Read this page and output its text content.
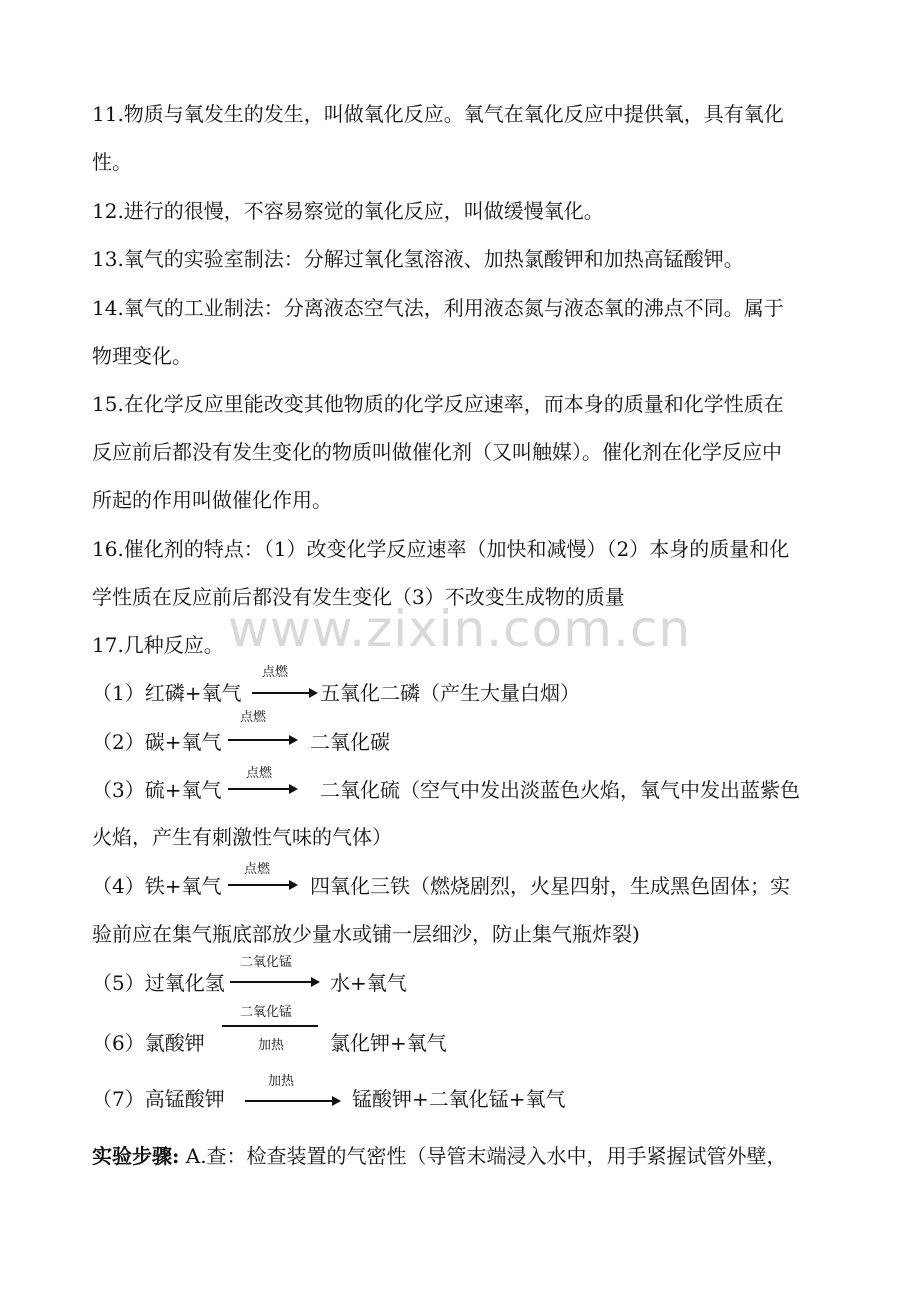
www.zixin.com.cn
11.物质与氧发生的发生，叫做氧化反应。氧气在氧化反应中提供氧，具有氧化
性。
12.进行的很慢，不容易察觉的氧化反应，叫做缓慢氧化。
13.氧气的实验室制法：分解过氧化氢溶液、加热氯酸钾和加热高锰酸钾。
14.氧气的工业制法：分离液态空气法，利用液态氮与液态氧的沸点不同。属于
物理变化。
15.在化学反应里能改变其他物质的化学反应速率，而本身的质量和化学性质在
反应前后都没有发生变化的物质叫做催化剂（又叫触媒）。催化剂在化学反应中
所起的作用叫做催化作用。
16.催化剂的特点：（1）改变化学反应速率（加快和减慢）（2）本身的质量和化
学性质在反应前后都没有发生变化（3）不改变生成物的质量
17.几种反应。
（1）红磷+氧气
点燃
五氧化二磷（产生大量白烟）
（2）碳+氧气
点燃
二氧化碳
（3）硫+氧气
点燃
二氧化硫（空气中发出淡蓝色火焰，氧气中发出蓝紫色
火焰，产生有刺激性气味的气体）
（4）铁+氧气
点燃
四氧化三铁（燃烧剧烈，火星四射，生成黑色固体；实
验前应在集气瓶底部放少量水或铺一层细沙，防止集气瓶炸裂)
（5）过氧化氢
二氧化锰
水+氧气
（6）氯酸钾
二氧化锰
加热 氯化钾+氧气
（7）高锰酸钾
加热
锰酸钾+二氧化锰+氧气
实验步骤: A.查：检查装置的气密性（导管末端浸入水中，用手紧握试管外壁，
